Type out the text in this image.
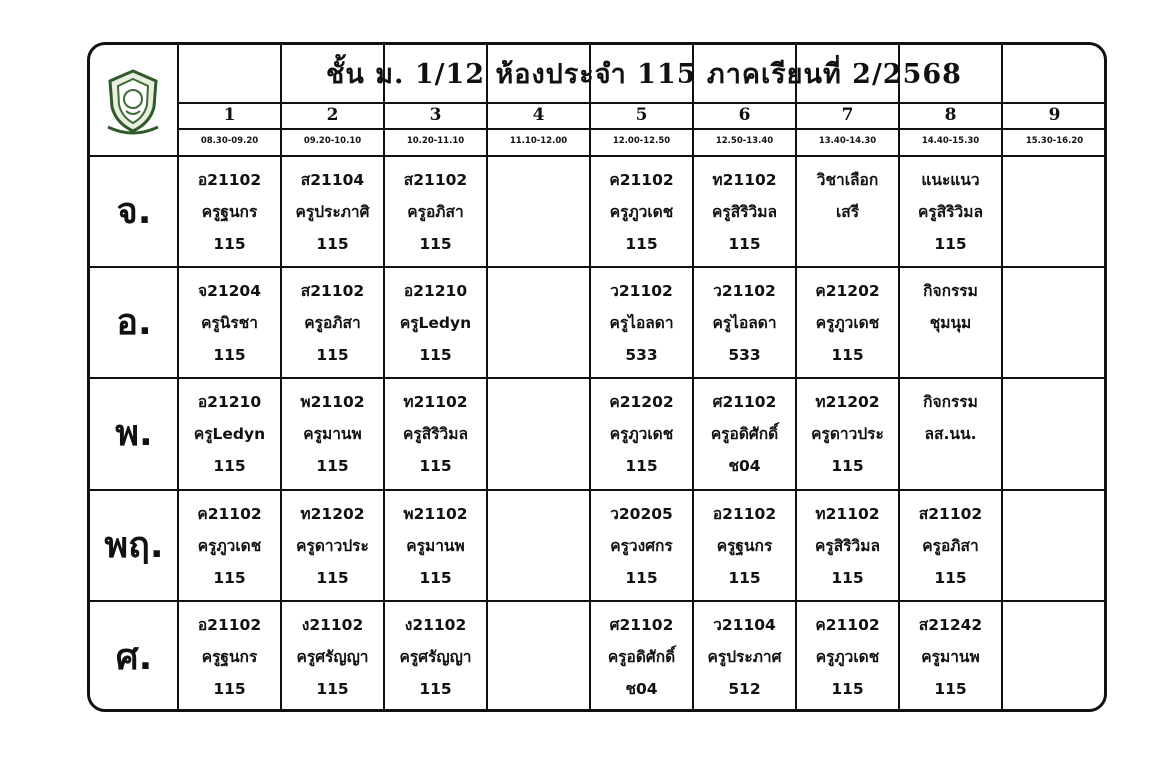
1
08.30-09.20
2
09.20-10.10
3
10.20-11.10
4
11.10-12.00
5
12.00-12.50
6
12.50-13.40
7
13.40-14.30
8
14.40-15.30
9
15.30-16.20
จ.
อ21102
ครูฐนกร
115
ส21104
ครูประภาศิ
115
ส21102
ครูอภิสา
115

ค21102
ครูภูวเดช
115
ท21102
ครูสิริวิมล
115
วิชาเลือก
เสรี

แนะแนว
ครูสิริวิมล
115

อ.
จ21204
ครูนิรชา
115
ส21102
ครูอภิสา
115
อ21210
ครูLedyn
115

ว21102
ครูไอลดา
533
ว21102
ครูไอลดา
533
ค21202
ครูภูวเดช
115
กิจกรรม
ชุมนุม

พ.
อ21210
ครูLedyn
115
พ21102
ครูมานพ
115
ท21102
ครูสิริวิมล
115

ค21202
ครูภูวเดช
115
ศ21102
ครูอดิศักดิ์
ช04
ท21202
ครูดาวประ
115
กิจกรรม
ลส.นน.

พฤ.
ค21102
ครูภูวเดช
115
ท21202
ครูดาวประ
115
พ21102
ครูมานพ
115

ว20205
ครูวงศกร
115
อ21102
ครูฐนกร
115
ท21102
ครูสิริวิมล
115
ส21102
ครูอภิสา
115

ศ.
อ21102
ครูฐนกร
115
ง21102
ครูศรัญญา
115
ง21102
ครูศรัญญา
115

ศ21102
ครูอดิศักดิ์
ช04
ว21104
ครูประภาศ
512
ค21102
ครูภูวเดช
115
ส21242
ครูมานพ
115

ชั้น ม. 1/12 ห้องประจำ 115 ภาคเรียนที่ 2/2568
